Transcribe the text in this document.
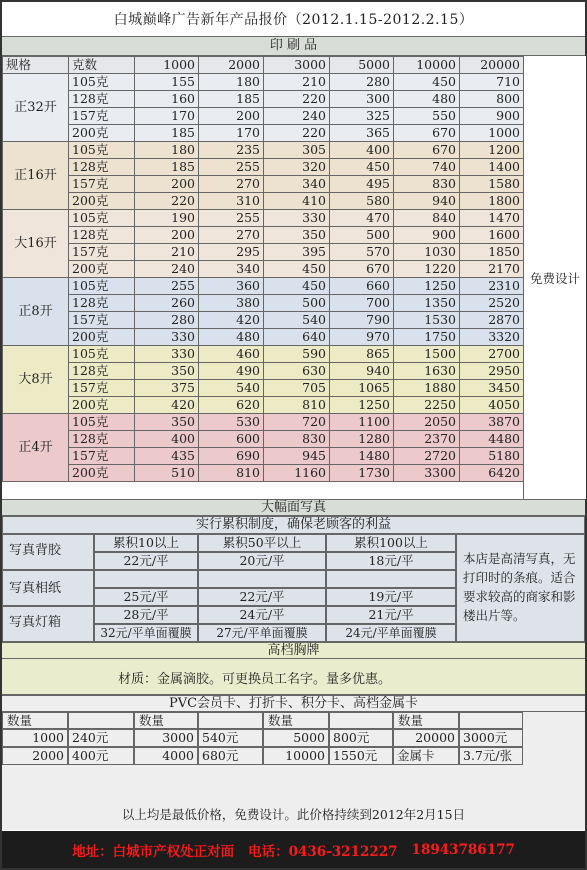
白城巅峰广告新年产品报价（2012.1.15-2012.2.15）
印 刷 品
规格	克数	1000	2000	3000	5000	10000	20000
正32开	105克	155	180	210	280	450	710
	128克	160	185	220	300	480	800
	157克	170	200	240	325	550	900
	200克	185	170	220	365	670	1000
正16开	105克	180	235	305	400	670	1200
	128克	185	255	320	450	740	1400
	157克	200	270	340	495	830	1580
	200克	220	310	410	580	940	1800
大16开	105克	190	255	330	470	840	1470
	128克	200	270	350	500	900	1600
	157克	210	295	395	570	1030	1850
	200克	240	340	450	670	1220	2170
正8开	105克	255	360	450	660	1250	2310
	128克	260	380	500	700	1350	2520
	157克	280	420	540	790	1530	2870
	200克	330	480	640	970	1750	3320
大8开	105克	330	460	590	865	1500	2700
	128克	350	490	630	940	1630	2950
	157克	375	540	705	1065	1880	3450
	200克	420	620	810	1250	2250	4050
正4开	105克	350	530	720	1100	2050	3870
	128克	400	600	830	1280	2370	4480
	157克	435	690	945	1480	2720	5180
	200克	510	810	1160	1730	3300	6420
免费设计
大幅面写真
实行累积制度，确保老顾客的利益
写真背胶
累积10以上	累积50平以上	累积100以上
22元/平	20元/平	18元/平
写真相纸
25元/平	22元/平	19元/平
写真灯箱
28元/平	24元/平	21元/平
32元/平单面覆膜	27元/平单面覆膜	24元/平单面覆膜
本店是高清写真，无打印时的条痕。适合要求较高的商家和影楼出片等。
高档胸牌
材质：金属滴胶。可更换员工名字。量多优惠。
PVC会员卡、打折卡、积分卡、高档金属卡
数量	数量	数量	数量
1000 240元	3000 540元	5000 800元	20000 3000元
2000 400元	4000 680元	10000 1550元	金属卡	3.7元/张
以上均是最低价格，免费设计。此价格持续到2012年2月15日
地址：白城市产权处正对面 电话：0436-3212227 18943786177
